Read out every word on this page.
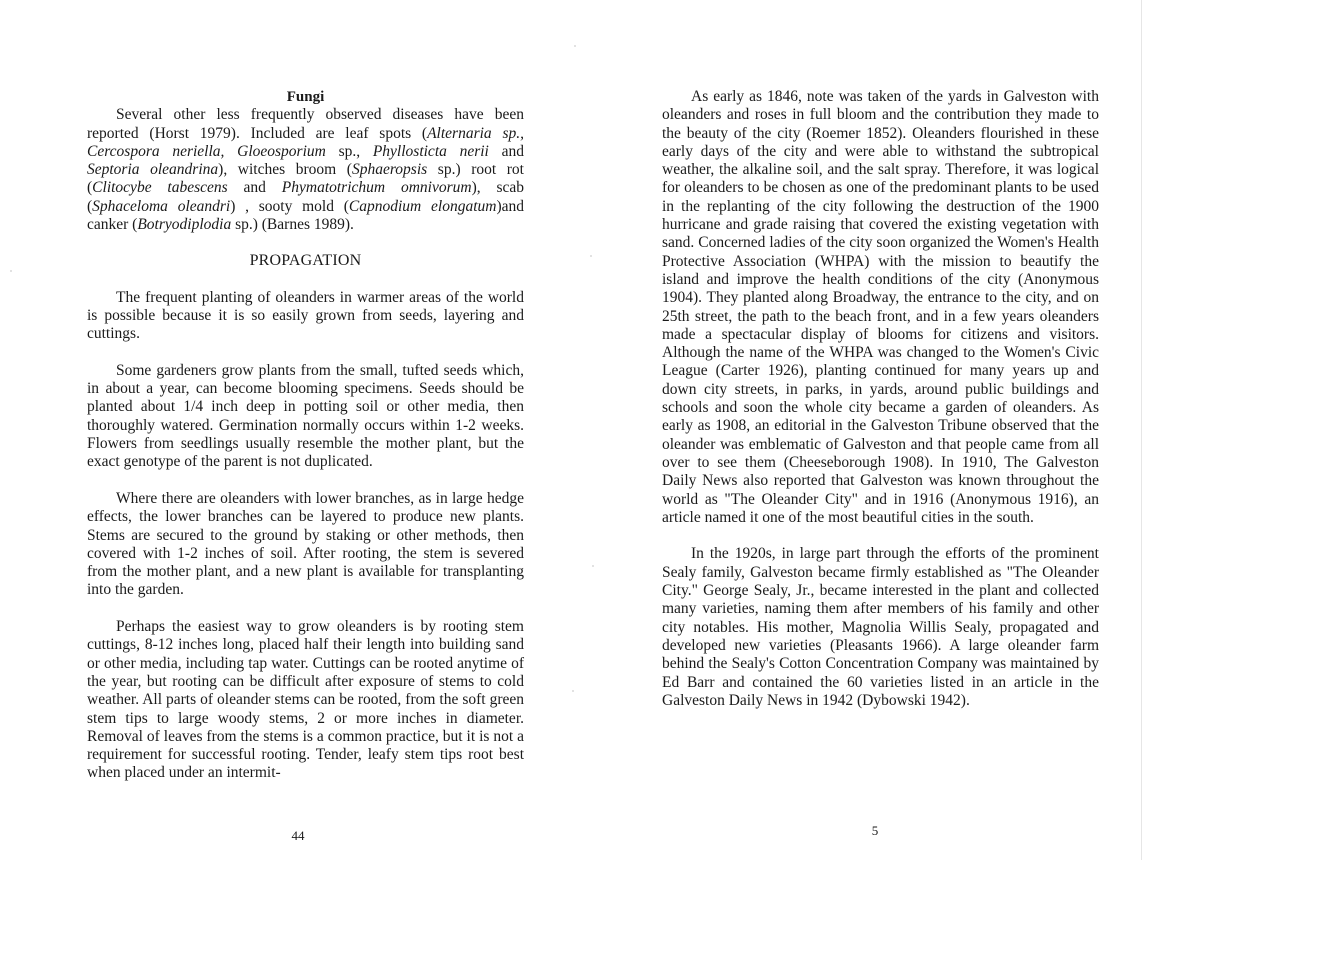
Fungi

Several other less frequently observed diseases have been reported (Horst 1979). Included are leaf spots (Alternaria sp., Cercospora neriella, Gloeosporium sp., Phyllosticta nerii and Septoria oleandrina), witches broom (Sphaeropsis sp.) root rot (Clitocybe tabescens and Phymatotrichum omnivorum), scab (Sphaceloma oleandri) , sooty mold (Capnodium elongatum)and canker (Botryodiplodia sp.) (Barnes 1989).

PROPAGATION

The frequent planting of oleanders in warmer areas of the world is possible because it is so easily grown from seeds, layering and cuttings.

Some gardeners grow plants from the small, tufted seeds which, in about a year, can become blooming specimens. Seeds should be planted about 1/4 inch deep in potting soil or other media, then thoroughly watered. Germination normally occurs within 1-2 weeks. Flowers from seedlings usually resemble the mother plant, but the exact genotype of the parent is not duplicated.

Where there are oleanders with lower branches, as in large hedge effects, the lower branches can be layered to produce new plants. Stems are secured to the ground by staking or other methods, then covered with 1-2 inches of soil. After rooting, the stem is severed from the mother plant, and a new plant is available for transplanting into the garden.

Perhaps the easiest way to grow oleanders is by rooting stem cuttings, 8-12 inches long, placed half their length into building sand or other media, including tap water. Cuttings can be rooted anytime of the year, but rooting can be difficult after exposure of stems to cold weather. All parts of oleander stems can be rooted, from the soft green stem tips to large woody stems, 2 or more inches in diameter. Removal of leaves from the stems is a common practice, but it is not a requirement for successful rooting. Tender, leafy stem tips root best when placed under an intermit-

44

As early as 1846, note was taken of the yards in Galveston with oleanders and roses in full bloom and the contribution they made to the beauty of the city (Roemer 1852). Oleanders flourished in these early days of the city and were able to withstand the subtropical weather, the alkaline soil, and the salt spray. Therefore, it was logical for oleanders to be chosen as one of the predominant plants to be used in the replanting of the city following the destruction of the 1900 hurricane and grade raising that covered the existing vegetation with sand. Concerned ladies of the city soon organized the Women's Health Protective Association (WHPA) with the mission to beautify the island and improve the health conditions of the city (Anonymous 1904). They planted along Broadway, the entrance to the city, and on 25th street, the path to the beach front, and in a few years oleanders made a spectacular display of blooms for citizens and visitors. Although the name of the WHPA was changed to the Women's Civic League (Carter 1926), planting continued for many years up and down city streets, in parks, in yards, around public buildings and schools and soon the whole city became a garden of oleanders. As early as 1908, an editorial in the Galveston Tribune observed that the oleander was emblematic of Galveston and that people came from all over to see them (Cheeseborough 1908). In 1910, The Galveston Daily News also reported that Galveston was known throughout the world as "The Oleander City" and in 1916 (Anonymous 1916), an article named it one of the most beautiful cities in the south.

In the 1920s, in large part through the efforts of the prominent Sealy family, Galveston became firmly established as "The Oleander City." George Sealy, Jr., became interested in the plant and collected many varieties, naming them after members of his family and other city notables. His mother, Magnolia Willis Sealy, propagated and developed new varieties (Pleasants 1966). A large oleander farm behind the Sealy's Cotton Concentration Company was maintained by Ed Barr and contained the 60 varieties listed in an article in the Galveston Daily News in 1942 (Dybowski 1942).

5
